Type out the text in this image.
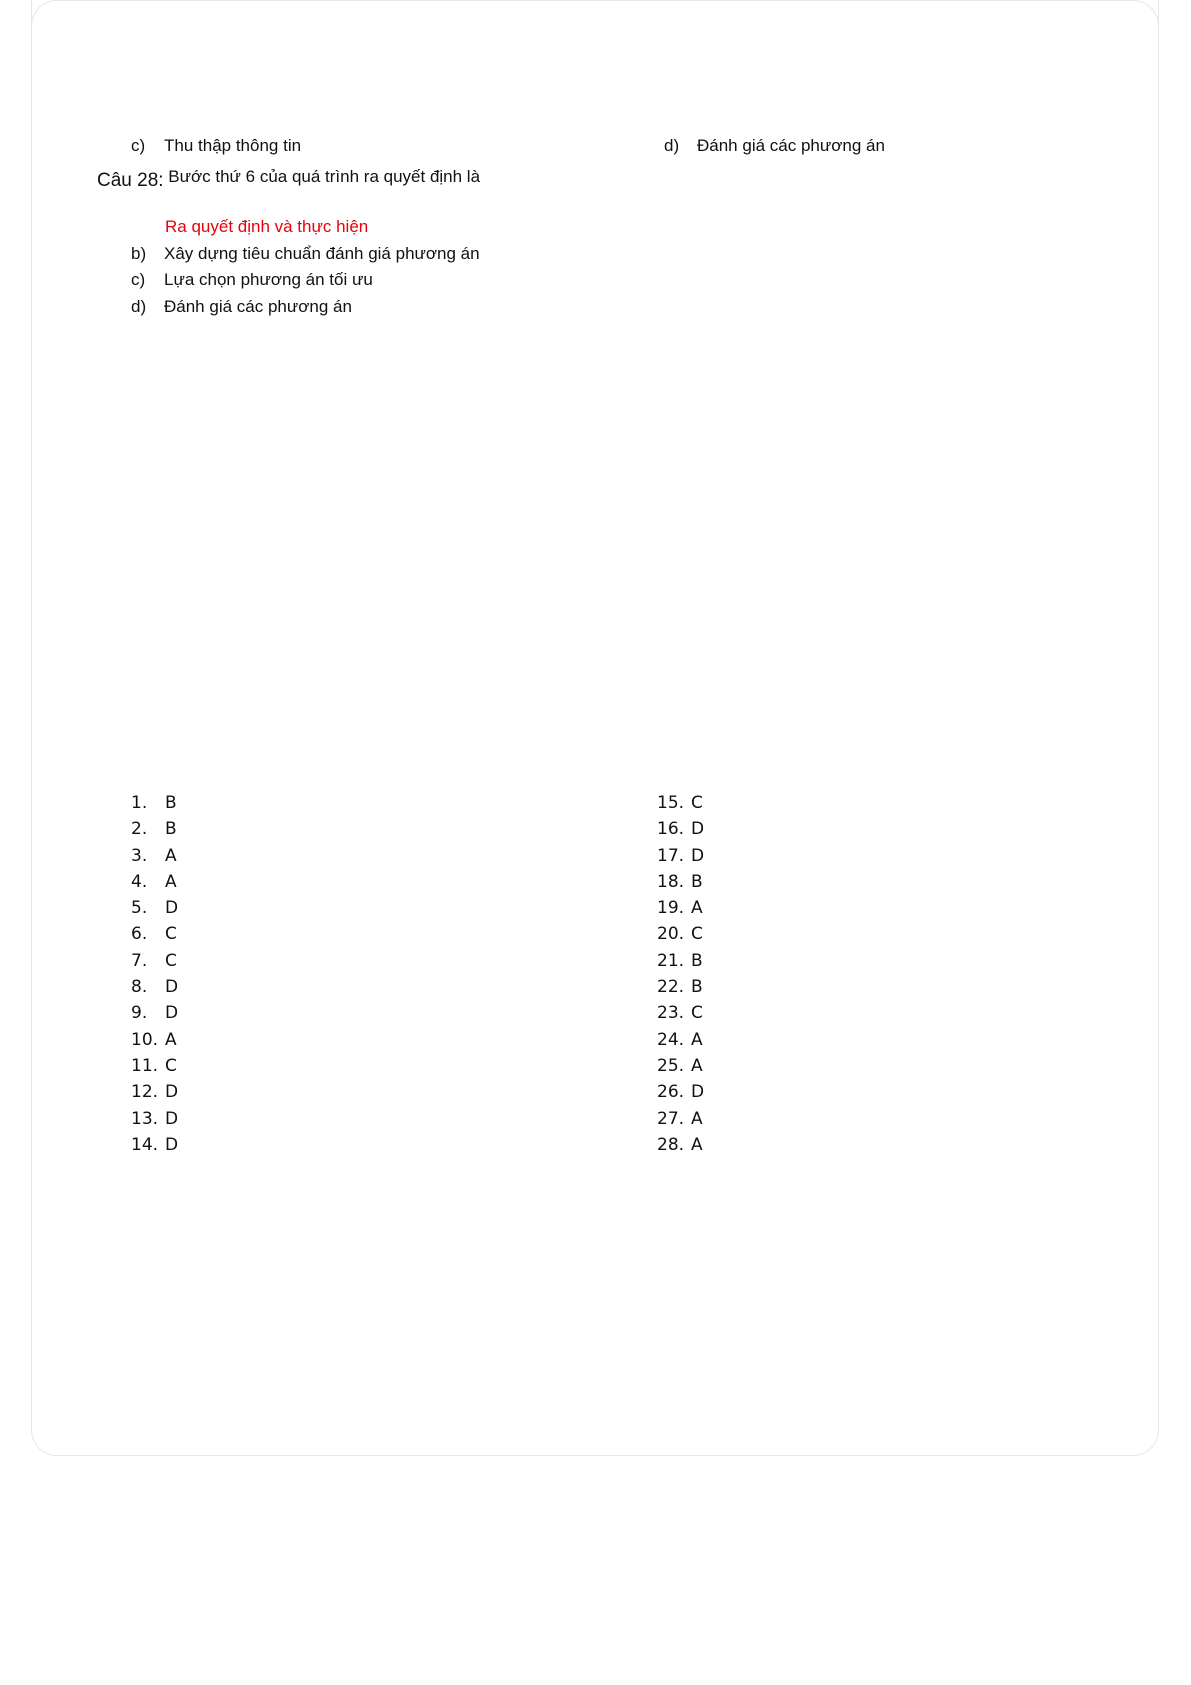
c) Thu thập thông tin	d) Đánh giá các phương án
Câu 28: Bước thứ 6 của quá trình ra quyết định là
Ra quyết định và thực hiện
b) Xây dựng tiêu chuẩn đánh giá phương án
c) Lựa chọn phương án tối ưu
d) Đánh giá các phương án
1. B
2. B
3. A
4. A
5. D
6. C
7. C
8. D
9. D
10. A
11. C
12. D
13. D
14. D
15. C
16. D
17. D
18. B
19. A
20. C
21. B
22. B
23. C
24. A
25. A
26. D
27. A
28. A
